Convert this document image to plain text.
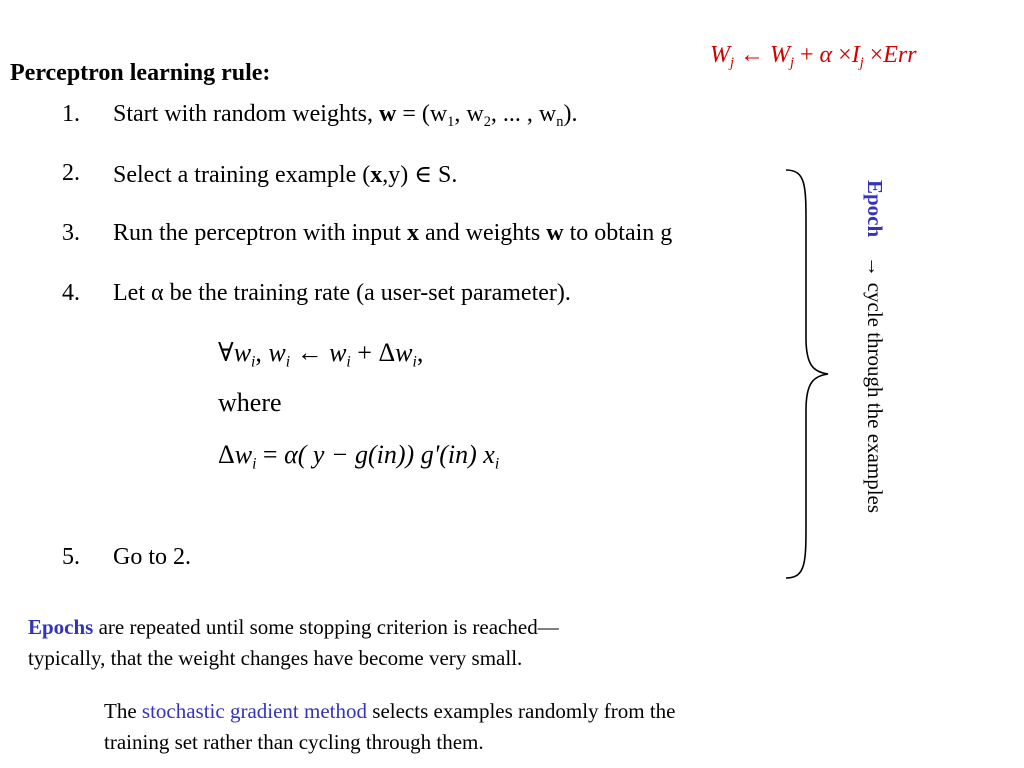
$W_j$ ← $W_j + \alpha \times I_j \times Err$
Perceptron learning rule:
1. Start with random weights, $w = (w_1$, $w_2$, ... , $w_n$).
2. Select a training example (x,y) ∈ S.
3. Run the perceptron with input x and weights w to obtain g
4. Let α be the training rate (a user-set parameter).
$\forall w_i$, $w_i$ ← $w_i + \Delta w_i$,
where
$\Delta w_i = \alpha$( y − g(in)) g'(in) $x_i$
5. Go to 2.
Epoch → cycle through the examples
Epochs are repeated until some stopping criterion is reached—
typically, that the weight changes have become very small.
The stochastic gradient method selects examples randomly from the
training set rather than cycling through them.
